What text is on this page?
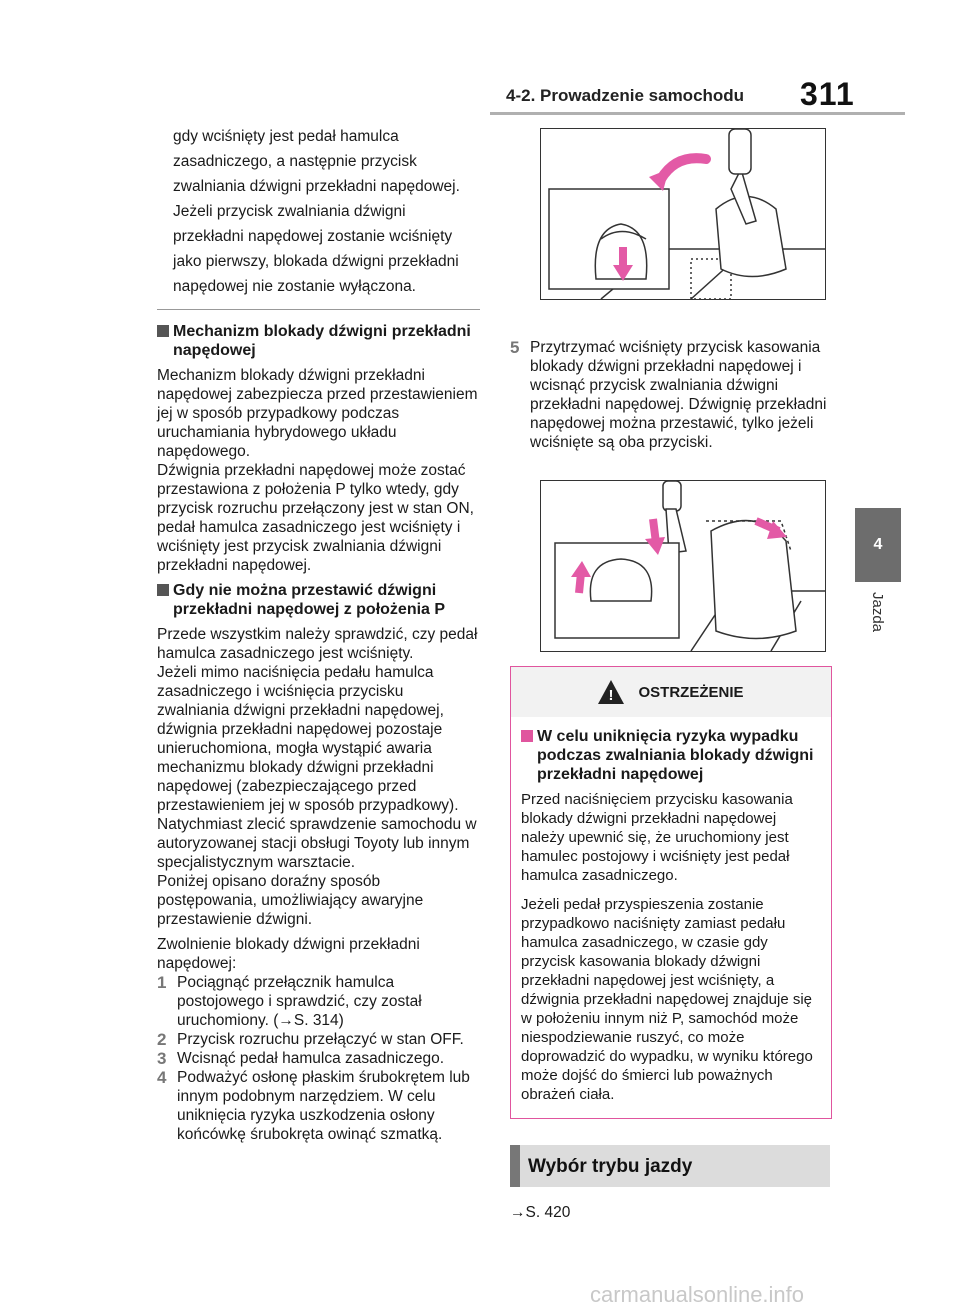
4-2. Prowadzenie samochodu 311
4
Jazda

gdy wciśnięty jest pedał hamulca zasadniczego, a następnie przycisk zwalniania dźwigni przekładni napędowej. Jeżeli przycisk zwalniania dźwigni przekładni napędowej zostanie wciśnięty jako pierwszy, blokada dźwigni przekładni napędowej nie zostanie wyłączona.

Mechanizm blokady dźwigni przekładni napędowej

Mechanizm blokady dźwigni przekładni napędowej zabezpiecza przed przestawieniem jej w sposób przypadkowy podczas uruchamiania hybrydowego układu napędowego.

Dźwignia przekładni napędowej może zostać przestawiona z położenia P tylko wtedy, gdy przycisk rozruchu przełączony jest w stan ON, pedał hamulca zasadniczego jest wciśnięty i wciśnięty jest przycisk zwalniania dźwigni przekładni napędowej.

Gdy nie można przestawić dźwigni przekładni napędowej z położenia P

Przede wszystkim należy sprawdzić, czy pedał hamulca zasadniczego jest wciśnięty.

Jeżeli mimo naciśnięcia pedału hamulca zasadniczego i wciśnięcia przycisku zwalniania dźwigni przekładni napędowej, dźwignia przekładni napędowej pozostaje unieruchomiona, mogła wystąpić awaria mechanizmu blokady dźwigni przekładni napędowej (zabezpieczającego przed przestawieniem jej w sposób przypadkowy). Natychmiast zlecić sprawdzenie samochodu w autoryzowanej stacji obsługi Toyoty lub innym specjalistycznym warsztacie.

Poniżej opisano doraźny sposób postępowania, umożliwiający awaryjne przestawienie dźwigni.

Zwolnienie blokady dźwigni przekładni napędowej:

1 Pociągnąć przełącznik hamulca postojowego i sprawdzić, czy został uruchomiony. (→S. 314)
2 Przycisk rozruchu przełączyć w stan OFF.
3 Wcisnąć pedał hamulca zasadniczego.
4 Podważyć osłonę płaskim śrubokrętem lub innym podobnym narzędziem. W celu uniknięcia ryzyka uszkodzenia osłony końcówkę śrubokręta owinąć szmatką.
5 Przytrzymać wciśnięty przycisk kasowania blokady dźwigni przekładni napędowej i wcisnąć przycisk zwalniania dźwigni przekładni napędowej. Dźwignię przekładni napędowej można przestawić, tylko jeżeli wciśnięte są oba przyciski.
! OSTRZEŻENIE
W celu uniknięcia ryzyka wypadku podczas zwalniania blokady dźwigni przekładni napędowej

Przed naciśnięciem przycisku kasowania blokady dźwigni przekładni napędowej należy upewnić się, że uruchomiony jest hamulec postojowy i wciśnięty jest pedał hamulca zasadniczego.

Jeżeli pedał przyspieszenia zostanie przypadkowo naciśnięty zamiast pedału hamulca zasadniczego, w czasie gdy przycisk kasowania blokady dźwigni przekładni napędowej jest wciśnięty, a dźwignia przekładni napędowej znajduje się w położeniu innym niż P, samochód może niespodziewanie ruszyć, co może doprowadzić do wypadku, w wyniku którego może dojść do śmierci lub poważnych obrażeń ciała.

Wybór trybu jazdy

→S. 420

carmanualsonline.info
